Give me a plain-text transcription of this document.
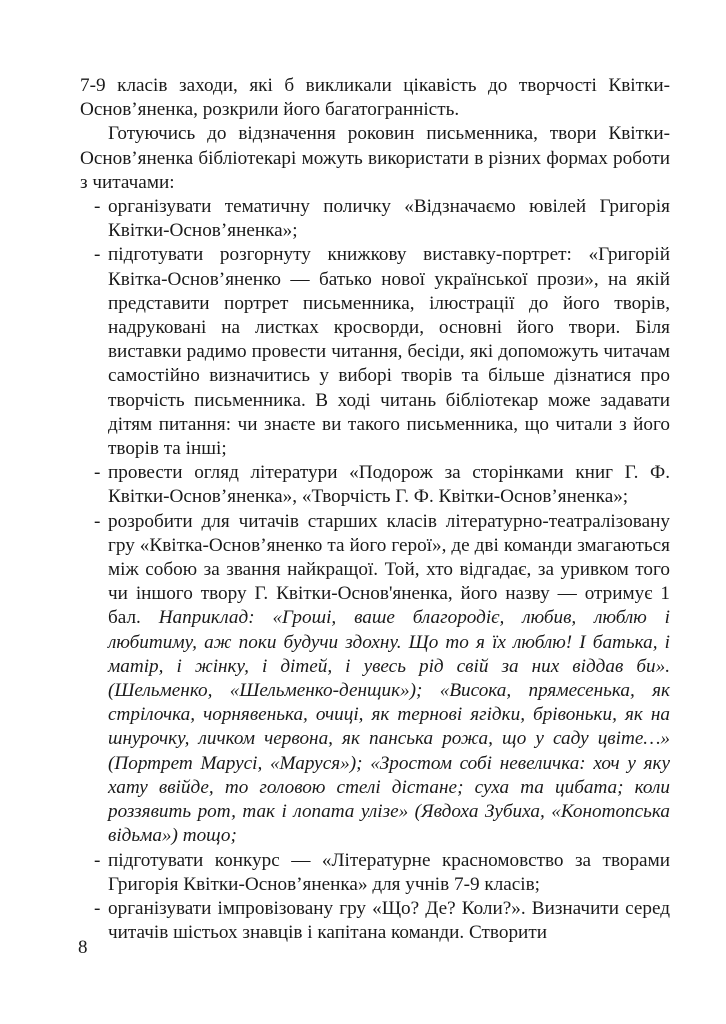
7-9 класів заходи, які б викликали цікавість до творчості Квітки-Основ’яненка, розкрили його багатогранність.

Готуючись до відзначення роковин письменника, твори Квітки-Основ’яненка бібліотекарі можуть використати в різних формах роботи з читачами:

- організувати тематичну поличку «Відзначаємо ювілей Григорія Квітки-Основ’яненка»;
- підготувати розгорнуту книжкову виставку-портрет: «Григорій Квітка-Основ’яненко — батько нової української прози», на якій представити портрет письменника, ілюстрації до його творів, надруковані на листках кросворди, основні його твори. Біля виставки радимо провести читання, бесіди, які допоможуть читачам самостійно визначитись у виборі творів та більше дізнатися про творчість письменника. В ході читань бібліотекар може задавати дітям питання: чи знаєте ви такого письменника, що читали з його творів та інші;
- провести огляд літератури «Подорож за сторінками книг Г. Ф. Квітки-Основ’яненка», «Творчість Г. Ф. Квітки-Основ’яненка»;
- розробити для читачів старших класів літературно-театралізовану гру «Квітка-Основ’яненко та його герої», де дві команди змагаються між собою за звання найкращої. Той, хто відгадає, за уривком того чи іншого твору Г. Квітки-Основ'яненка, його назву — отримує 1 бал. Наприклад: «Гроші, ваше благородіє, любив, люблю і любитиму, аж поки будучи здохну. Що то я їх люблю! І батька, і матір, і жінку, і дітей, і увесь рід свій за них віддав би». (Шельменко, «Шельменко-денщик»); «Висока, прямесенька, як стрілочка, чорнявенька, очиці, як тернові ягідки, брівоньки, як на шнурочку, личком червона, як панська рожа, що у саду цвіте…» (Портрет Марусі, «Маруся»); «Зростом собі невеличка: хоч у яку хату ввійде, то головою стелі дістане; суха та цибата; коли роззявить рот, так і лопата улізе» (Явдоха Зубиха, «Конотопська відьма») тощо;
- підготувати конкурс — «Літературне красномовство за творами Григорія Квітки-Основ’яненка» для учнів 7-9 класів;
- організувати імпровізовану гру «Що? Де? Коли?». Визначити серед читачів шістьох знавців і капітана команди. Створити
8
